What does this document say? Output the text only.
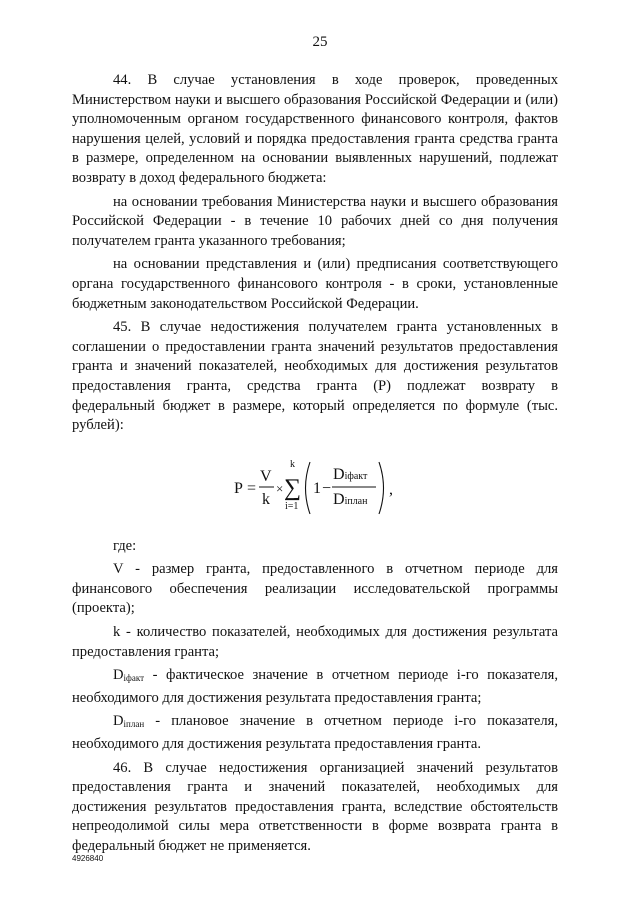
25

44. В случае установления в ходе проверок, проведенных Министерством науки и высшего образования Российской Федерации и (или) уполномоченным органом государственного финансового контроля, фактов нарушения целей, условий и порядка предоставления гранта средства гранта в размере, определенном на основании выявленных нарушений, подлежат возврату в доход федерального бюджета:

на основании требования Министерства науки и высшего образования Российской Федерации - в течение 10 рабочих дней со дня получения получателем гранта указанного требования;

на основании представления и (или) предписания соответствующего органа государственного финансового контроля - в сроки, установленные бюджетным законодательством Российской Федерации.

45. В случае недостижения получателем гранта установленных в соглашении о предоставлении гранта значений результатов предоставления гранта и значений показателей, необходимых для достижения результатов предоставления гранта, средства гранта (Р) подлежат возврату в федеральный бюджет в размере, который определяется по формуле (тыс. рублей):

P =
V
k
×
k
∑
i=1
1 −
Diфакт
Diплан
,

где:

V - размер гранта, предоставленного в отчетном периоде для финансового обеспечения реализации исследовательской программы (проекта);

k - количество показателей, необходимых для достижения результата предоставления гранта;

$D_{iфакт}$ - фактическое значение в отчетном периоде i-го показателя, необходимого для достижения результата предоставления гранта;

$D_{iплан}$ - плановое значение в отчетном периоде i-го показателя, необходимого для достижения результата предоставления гранта.

46. В случае недостижения организацией значений результатов предоставления гранта и значений показателей, необходимых для достижения результатов предоставления гранта, вследствие обстоятельств непреодолимой силы мера ответственности в форме возврата гранта в федеральный бюджет не применяется.

4926840
